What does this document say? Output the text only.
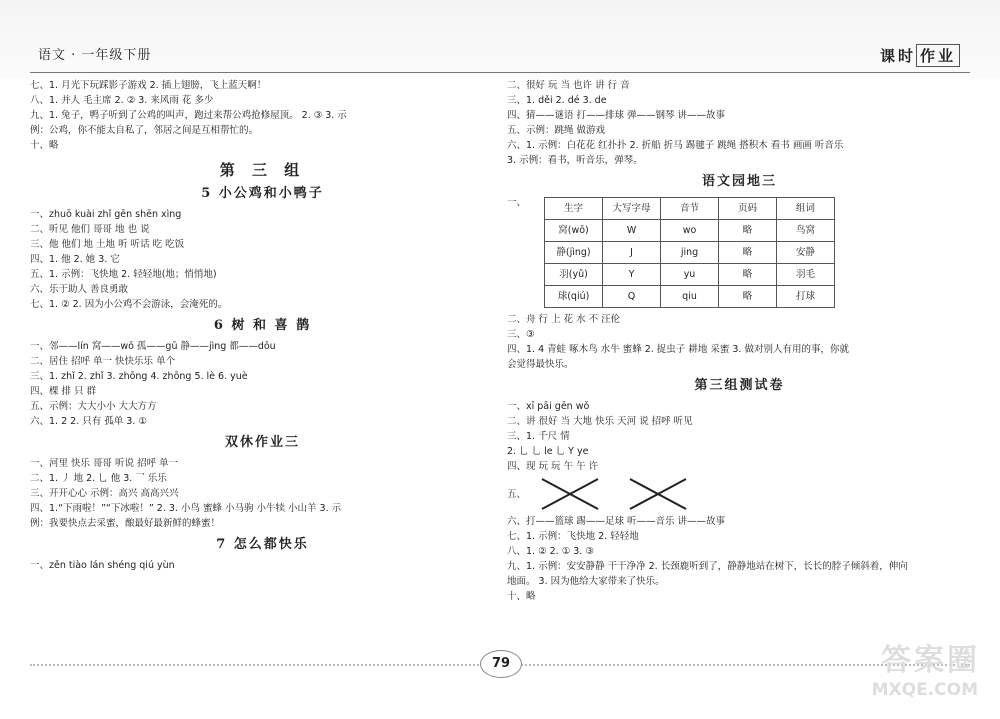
语文 · 一年级下册	课时 作业
七、1. 月光下玩踩影子游戏 2. 插上翅膀，飞上蓝天啊！
八、1. 并人 毛主席 2. ② 3. 来风雨 花 多少
九、1. 兔子，鸭子听到了公鸡的叫声，跑过来帮公鸡抢修屋顶。 2. ③ 3. 示
例：公鸡，你不能太自私了，邻居之间是互相帮忙的。
十、略
第 三 组
5 小公鸡和小鸭子
一、zhuō kuài zhǐ gēn shēn xìng
二、听见 他们 哥哥 地 也 说
三、他 他们 地 土地 听 听话 吃 吃饭
四、1. 他 2. 她 3. 它
五、1. 示例：飞快地 2. 轻轻地(地；悄悄地)
六、乐于助人 善良勇敢
七、1. ② 2. 因为小公鸡不会游泳，会淹死的。
6 树 和 喜 鹊
一、邻——lín 窝——wō 孤——gū 静——jìng 都——dōu
二、居住 招呼 单一 快快乐乐 单个
三、1. zhǐ 2. zhǐ 3. zhōng 4. zhōng 5. lè 6. yuè
四、棵 排 只 群
五、示例：大大小小 大大方方
六、1. 2 2. 只有 孤单 3. ①
双休作业三
一、河里 快乐 哥哥 听说 招呼 单一
二、1. 丿 地 2. 乚 他 3. 乛 乐乐
三、开开心心 示例：高兴 高高兴兴
四、1.“下雨啦！”“下冰啦！” 2. 3. 小鸟 蜜蜂 小马驹 小牛犊 小山羊 3. 示
例：我要快点去采蜜，酿最好最新鲜的蜂蜜！
7 怎么都快乐
一、zěn tiào lán shéng qiú yùn
二、很好 玩 当 也许 讲 行 音
三、1. děi 2. dé 3. de
四、猜——谜语 打——排球 弹——钢琴 讲——故事
五、示例：跳绳 做游戏
六、1. 示例：白花花 红扑扑 2. 折船 折马 踢毽子 跳绳 搭积木 看书 画画 听音乐
3. 示例：看书，听音乐，弹琴。
语文园地三
一、
生字	大写字母	音节	页码	组词
窝(wō)	W	wo	略	鸟窝
静(jìng)	J	jing	略	安静
羽(yǔ)	Y	yu	略	羽毛
球(qiú)	Q	qiu	略	打球
二、舟 行 上 花 水 不 汪伦
三、③
四、1. 4 青蛙 啄木鸟 水牛 蜜蜂 2. 捉虫子 耕地 采蜜 3. 做对别人有用的事，你就
会觉得最快乐。
第三组测试卷
一、xī pāi gēn wǒ
二、讲 很好 当 大地 快乐 天河 说 招呼 听见
三、1. 千尺 情
2. 乚 乚 le 乚 Y ye
四、现 玩 玩 午 午 许
五、
六、打——篮球 踢——足球 听——音乐 讲——故事
七、1. 示例：飞快地 2. 轻轻地
八、1. ② 2. ① 3. ③
九、1. 示例：安安静静 干干净净 2. 长颈鹿听到了，静静地站在树下，长长的脖子倾斜着，伸向
地面。 3. 因为他给大家带来了快乐。
十、略
79	答案圈
MXQE.COM
